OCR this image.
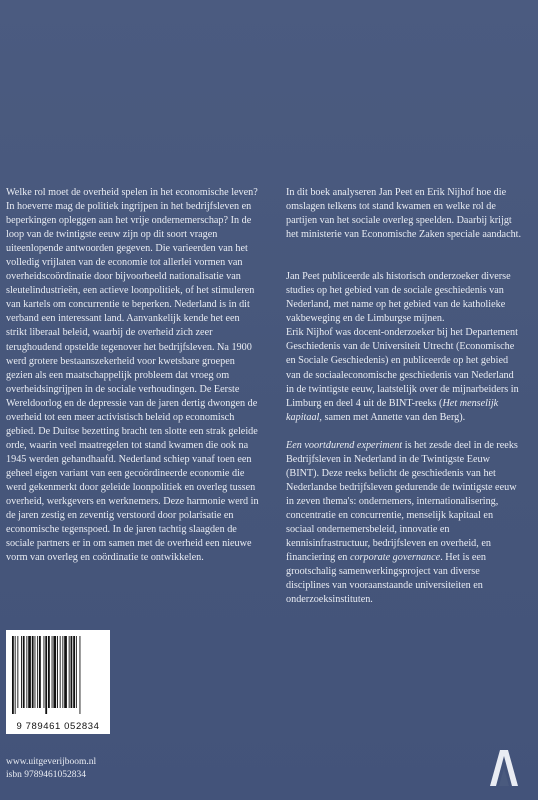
Welke rol moet de overheid spelen in het economische leven? In hoeverre mag de politiek ingrijpen in het bedrijfsleven en beperkingen opleggen aan het vrije ondernemerschap? In de loop van de twintigste eeuw zijn op dit soort vragen uiteenlopende antwoorden gegeven. Die varieerden van het volledig vrijlaten van de economie tot allerlei vormen van overheidscoördinatie door bijvoorbeeld nationalisatie van sleutelindustrieën, een actieve loonpolitiek, of het stimuleren van kartels om concurrentie te beperken. Nederland is in dit verband een interessant land. Aanvankelijk kende het een strikt liberaal beleid, waarbij de overheid zich zeer terughoudend opstelde tegenover het bedrijfsleven. Na 1900 werd grotere bestaanszekerheid voor kwetsbare groepen gezien als een maatschappelijk probleem dat vroeg om overheidsingrijpen in de sociale verhoudingen. De Eerste Wereldoorlog en de depressie van de jaren dertig dwongen de overheid tot een meer activistisch beleid op economisch gebied. De Duitse bezetting bracht ten slotte een strak geleide orde, waarin veel maatregelen tot stand kwamen die ook na 1945 werden gehandhaafd. Nederland schiep vanaf toen een geheel eigen variant van een gecoördineerde economie die werd gekenmerkt door geleide loonpolitiek en overleg tussen overheid, werkgevers en werknemers. Deze harmonie werd in de jaren zestig en zeventig verstoord door polarisatie en economische tegenspoed. In de jaren tachtig slaagden de sociale partners er in om samen met de overheid een nieuwe vorm van overleg en coördinatie te ontwikkelen.

In dit boek analyseren Jan Peet en Erik Nijhof hoe die omslagen telkens tot stand kwamen en welke rol de partijen van het sociale overleg speelden. Daarbij krijgt het ministerie van Economische Zaken speciale aandacht.

Jan Peet publiceerde als historisch onderzoeker diverse studies op het gebied van de sociale geschiedenis van Nederland, met name op het gebied van de katholieke vakbeweging en de Limburgse mijnen.

Erik Nijhof was docent-onderzoeker bij het Departement Geschiedenis van de Universiteit Utrecht (Economische en Sociale Geschiedenis) en publiceerde op het gebied van de sociaaleconomische geschiedenis van Nederland in de twintigste eeuw, laatstelijk over de mijnarbeiders in Limburg en deel 4 uit de BINT-reeks (Het menselijk kapitaal, samen met Annette van den Berg).

Een voortdurend experiment is het zesde deel in de reeks Bedrijfsleven in Nederland in de Twintigste Eeuw (BINT). Deze reeks belicht de geschiedenis van het Nederlandse bedrijfsleven gedurende de twintigste eeuw in zeven thema's: ondernemers, internationalisering, concentratie en concurrentie, menselijk kapitaal en sociaal ondernemersbeleid, innovatie en kennisinfrastructuur, bedrijfsleven en overheid, en financiering en corporate governance. Het is een grootschalig samenwerkingsproject van diverse disciplines van vooraanstaande universiteiten en onderzoeksinstituten.

9 789461 052834
www.uitgeverijboom.nl
isbn 9789461052834
